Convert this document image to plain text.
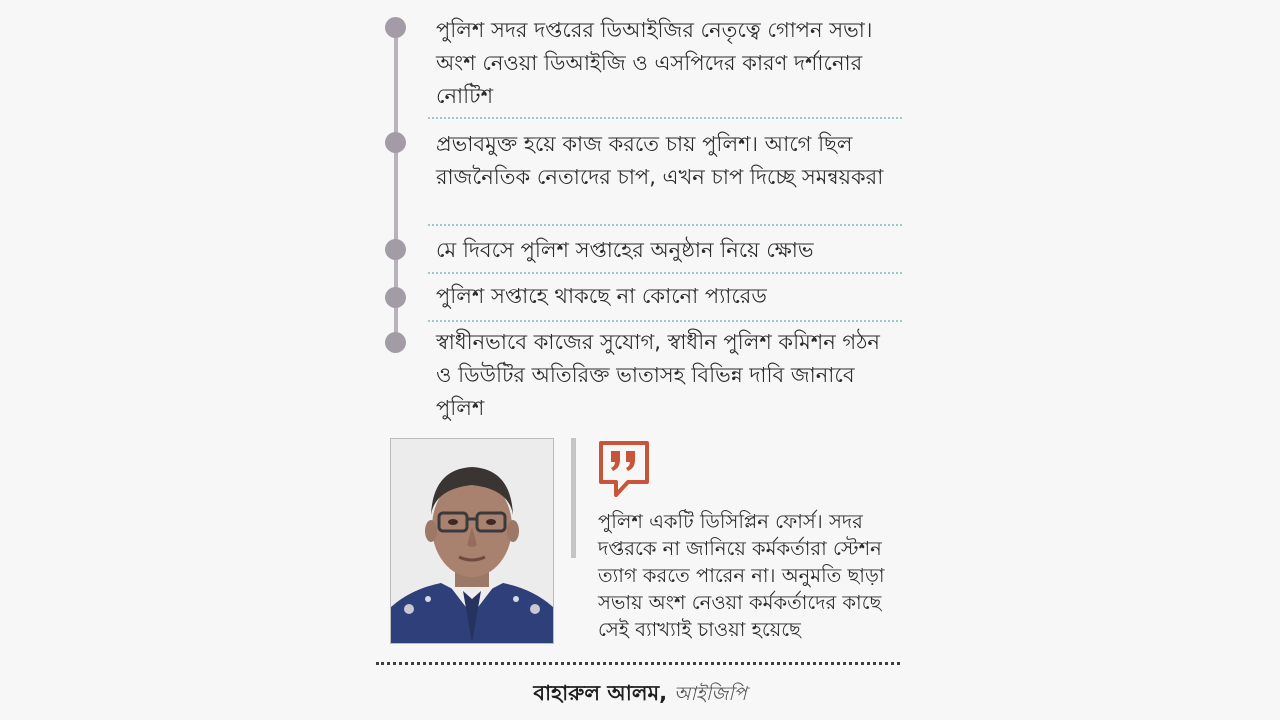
পুলিশ সদর দপ্তরের ডিআইজির নেতৃত্বে গোপন সভা। অংশ নেওয়া ডিআইজি ও এসপিদের কারণ দর্শানোর নোটিশ
প্রভাবমুক্ত হয়ে কাজ করতে চায় পুলিশ। আগে ছিল রাজনৈতিক নেতাদের চাপ, এখন চাপ দিচ্ছে সমন্বয়করা
মে দিবসে পুলিশ সপ্তাহের অনুষ্ঠান নিয়ে ক্ষোভ
পুলিশ সপ্তাহে থাকছে না কোনো প্যারেড
স্বাধীনভাবে কাজের সুযোগ, স্বাধীন পুলিশ কমিশন গঠন ও ডিউটির অতিরিক্ত ভাতাসহ বিভিন্ন দাবি জানাবে পুলিশ
পুলিশ একটি ডিসিপ্লিন ফোর্স। সদর দপ্তরকে না জানিয়ে কর্মকর্তারা স্টেশন ত্যাগ করতে পারেন না। অনুমতি ছাড়া সভায় অংশ নেওয়া কর্মকর্তাদের কাছে সেই ব্যাখ্যাই চাওয়া হয়েছে
বাহারুল আলম, আইজিপি
